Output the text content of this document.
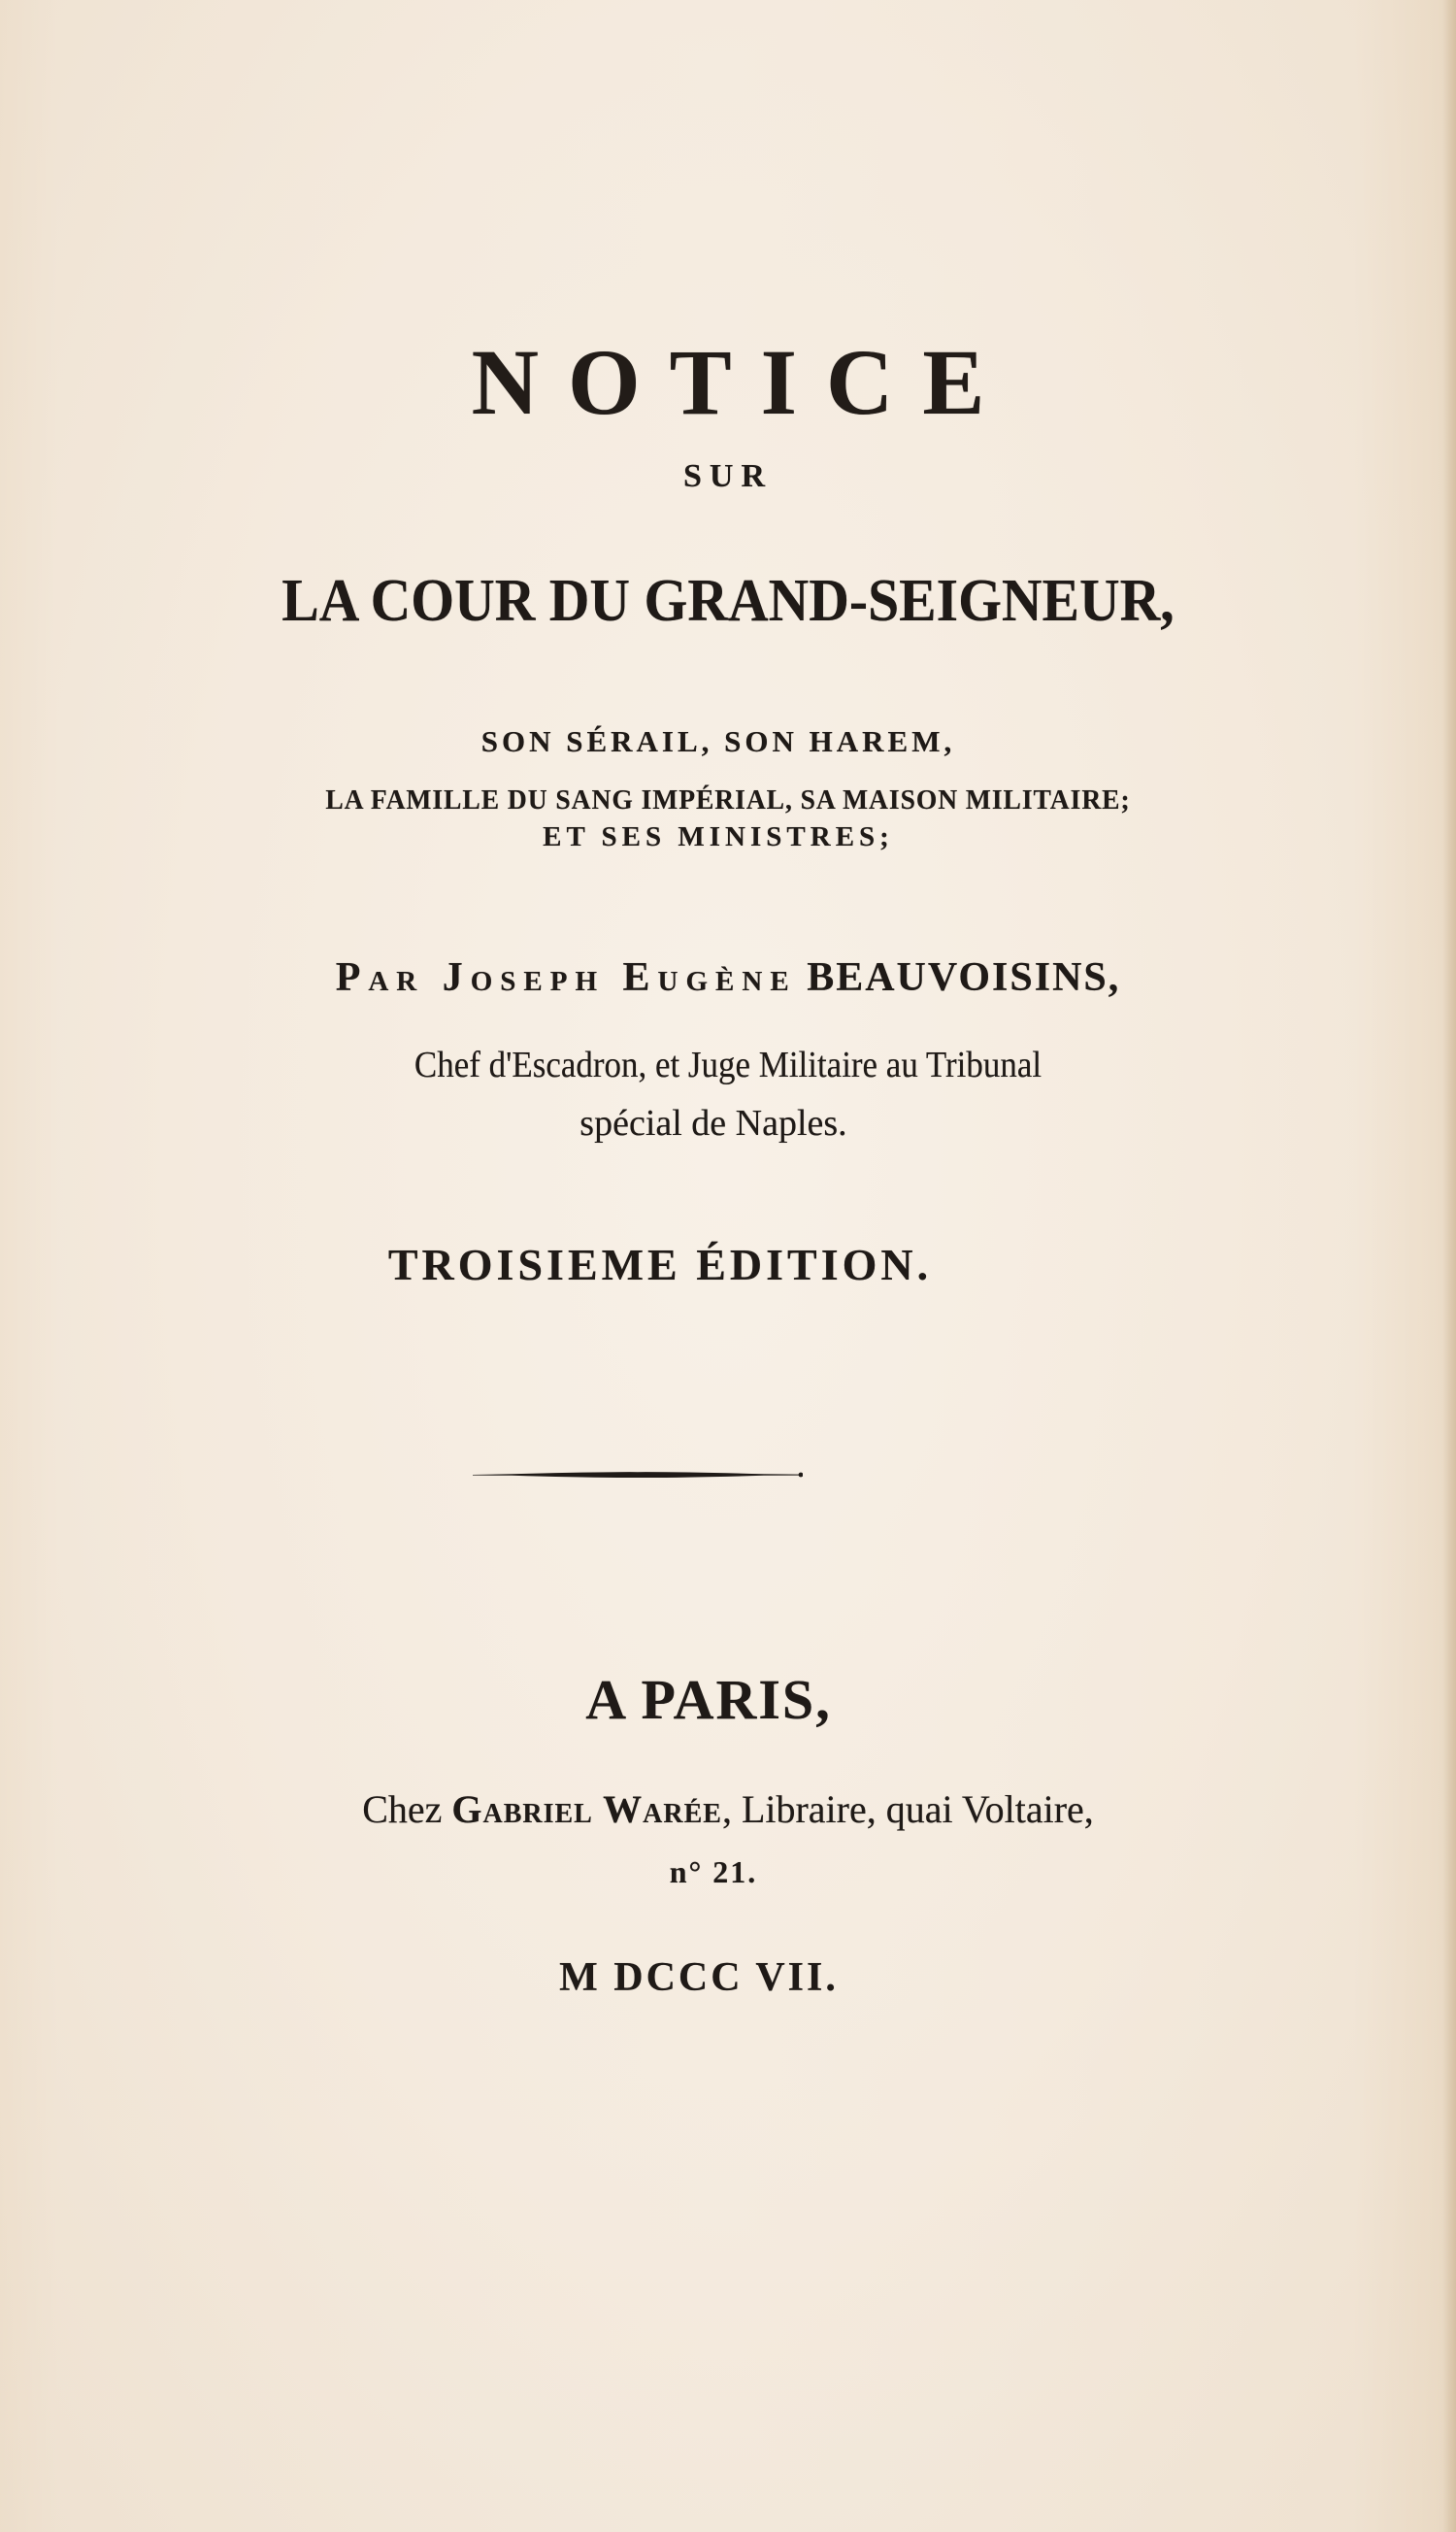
NOTICE
SUR
LA COUR DU GRAND-SEIGNEUR,
SON SÉRAIL, SON HAREM,
LA FAMILLE DU SANG IMPÉRIAL, SA MAISON MILITAIRE;
ET SES MINISTRES;
Par Joseph Eugène BEAUVOISINS,
Chef d'Escadron, et Juge Militaire au Tribunal
spécial de Naples.
TROISIEME ÉDITION.
A PARIS,
Chez Gabriel Warée, Libraire, quai Voltaire,
n° 21.
M DCCC VII.
